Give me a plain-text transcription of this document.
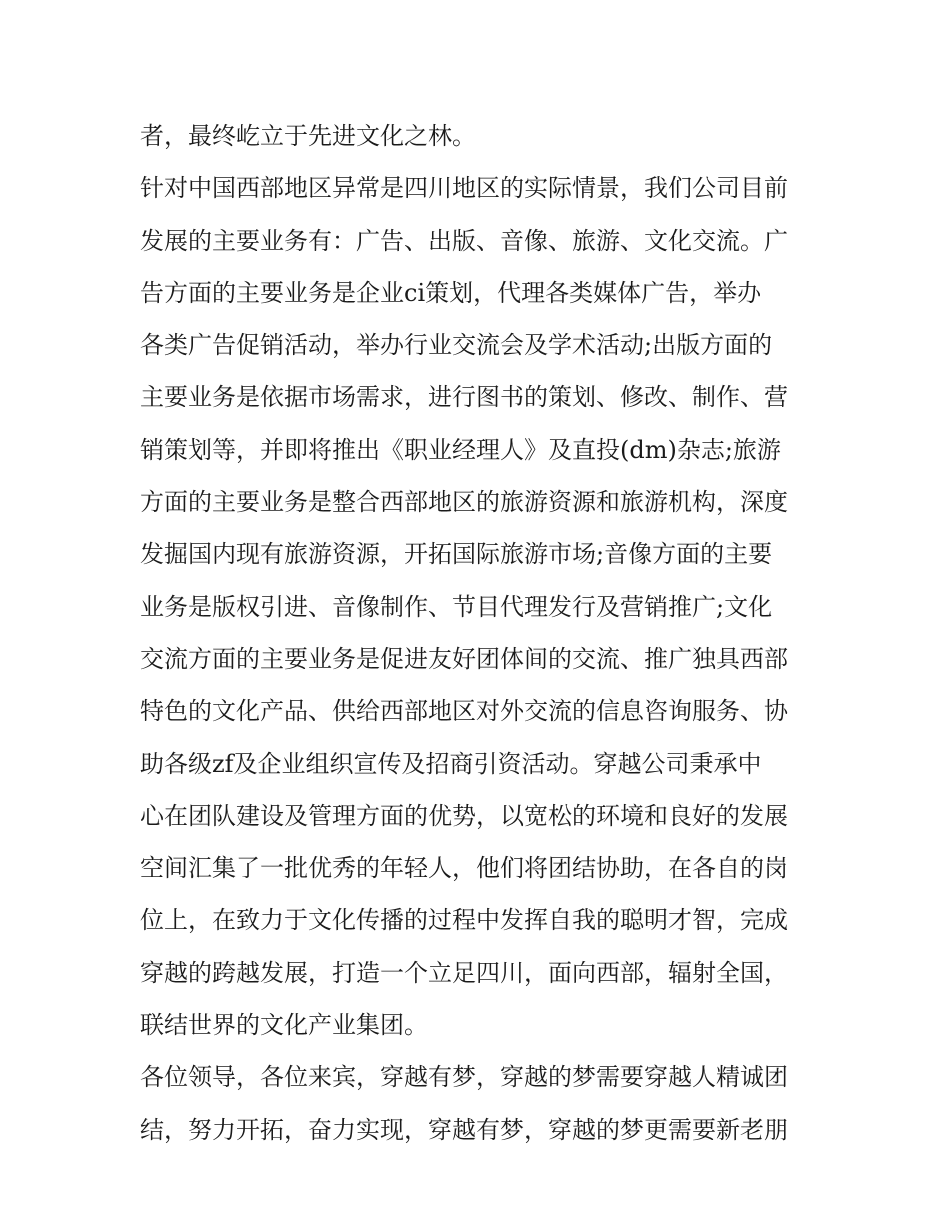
者，最终屹立于先进文化之林。
针对中国西部地区异常是四川地区的实际情景，我们公司目前
发展的主要业务有：广告、出版、音像、旅游、文化交流。广
告方面的主要业务是企业ci策划，代理各类媒体广告，举办
各类广告促销活动，举办行业交流会及学术活动;出版方面的
主要业务是依据市场需求，进行图书的策划、修改、制作、营
销策划等，并即将推出《职业经理人》及直投(dm)杂志;旅游
方面的主要业务是整合西部地区的旅游资源和旅游机构，深度
发掘国内现有旅游资源，开拓国际旅游市场;音像方面的主要
业务是版权引进、音像制作、节目代理发行及营销推广;文化
交流方面的主要业务是促进友好团体间的交流、推广独具西部
特色的文化产品、供给西部地区对外交流的信息咨询服务、协
助各级zf及企业组织宣传及招商引资活动。穿越公司秉承中
心在团队建设及管理方面的优势，以宽松的环境和良好的发展
空间汇集了一批优秀的年轻人，他们将团结协助，在各自的岗
位上，在致力于文化传播的过程中发挥自我的聪明才智，完成
穿越的跨越发展，打造一个立足四川，面向西部，辐射全国，
联结世界的文化产业集团。
各位领导，各位来宾，穿越有梦，穿越的梦需要穿越人精诚团
结，努力开拓，奋力实现，穿越有梦，穿越的梦更需要新老朋
